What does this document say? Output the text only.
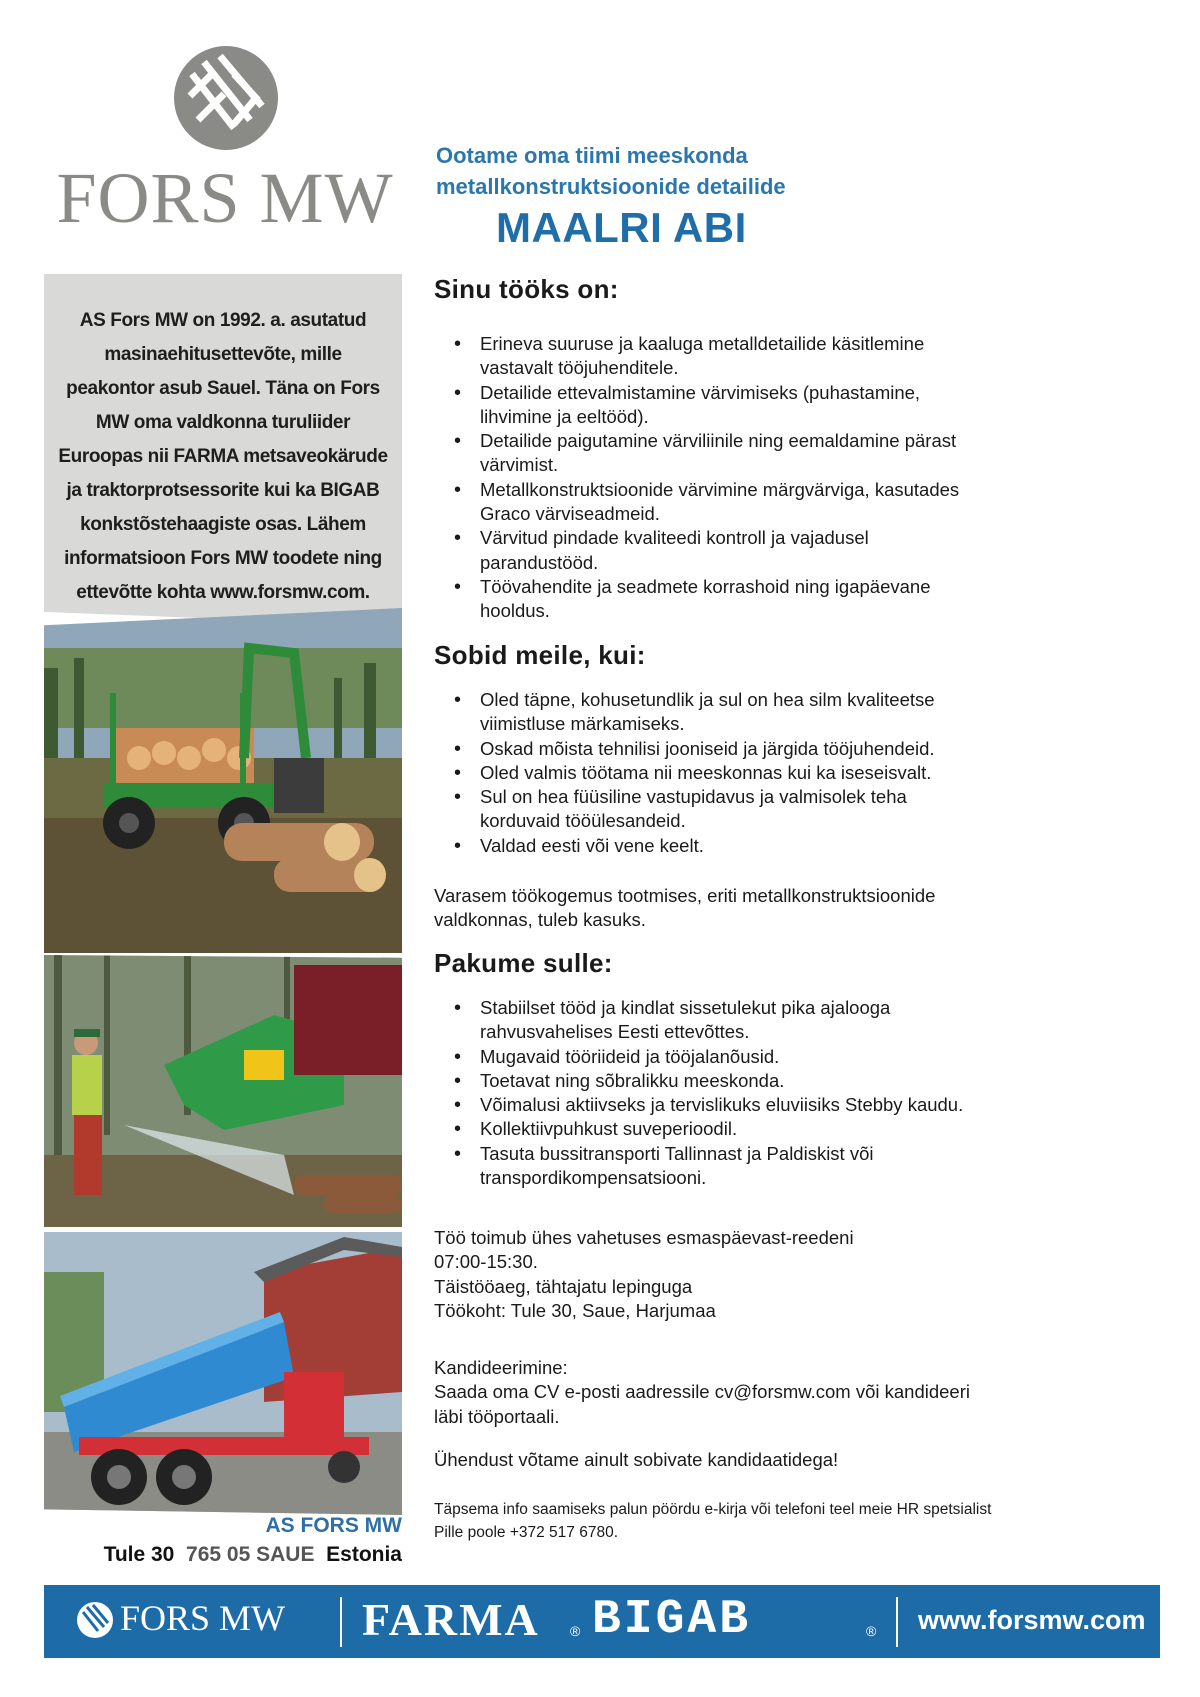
FORS MW
AS Fors MW on 1992. a. asutatud masinaehitusettevõte, mille peakontor asub Sauel. Täna on Fors MW oma valdkonna turuliider Euroopas nii FARMA metsaveokärude ja traktorprotsessorite kui ka BIGAB konkstõstehaagiste osas. Lähem informatsioon Fors MW toodete ning ettevõtte kohta www.forsmw.com.
AS FORS MW
Tule 30 765 05 SAUE Estonia
Ootame oma tiimi meeskonda
metallkonstruktsioonide detailide
MAALRI ABI
Sinu tööks on:
• Erineva suuruse ja kaaluga metalldetailide käsitlemine vastavalt tööjuhenditele.
• Detailide ettevalmistamine värvimiseks (puhastamine, lihvimine ja eeltööd).
• Detailide paigutamine värviliinile ning eemaldamine pärast värvimist.
• Metallkonstruktsioonide värvimine märgvärviga, kasutades Graco värviseadmeid.
• Värvitud pindade kvaliteedi kontroll ja vajadusel parandustööd.
• Töövahendite ja seadmete korrashoid ning igapäevane hooldus.
Sobid meile, kui:
• Oled täpne, kohusetundlik ja sul on hea silm kvaliteetse viimistluse märkamiseks.
• Oskad mõista tehnilisi jooniseid ja järgida tööjuhendeid.
• Oled valmis töötama nii meeskonnas kui ka iseseisvalt.
• Sul on hea füüsiline vastupidavus ja valmisolek teha korduvaid tööülesandeid.
• Valdad eesti või vene keelt.
Varasem töökogemus tootmises, eriti metallkonstruktsioonide valdkonnas, tuleb kasuks.
Pakume sulle:
• Stabiilset tööd ja kindlat sissetulekut pika ajalooga rahvusvahelises Eesti ettevõttes.
• Mugavaid tööriideid ja tööjalanõusid.
• Toetavat ning sõbralikku meeskonda.
• Võimalusi aktiivseks ja tervislikuks eluviisiks Stebby kaudu.
• Kollektiivpuhkust suveperioodil.
• Tasuta bussitransporti Tallinnast ja Paldiskist või transpordikompensatsiooni.
Töö toimub ühes vahetuses esmaspäevast-reedeni
07:00-15:30.
Täistööaeg, tähtajatu lepinguga
Töökoht: Tule 30, Saue, Harjumaa
Kandideerimine:
Saada oma CV e-posti aadressile cv@forsmw.com või kandideeri läbi tööportaali.
Ühendust võtame ainult sobivate kandidaatidega!
Täpsema info saamiseks palun pöördu e-kirja või telefoni teel meie HR spetsialist Pille poole +372 517 6780.
FORS MW FARMA ® BIGAB	® www.forsmw.com
